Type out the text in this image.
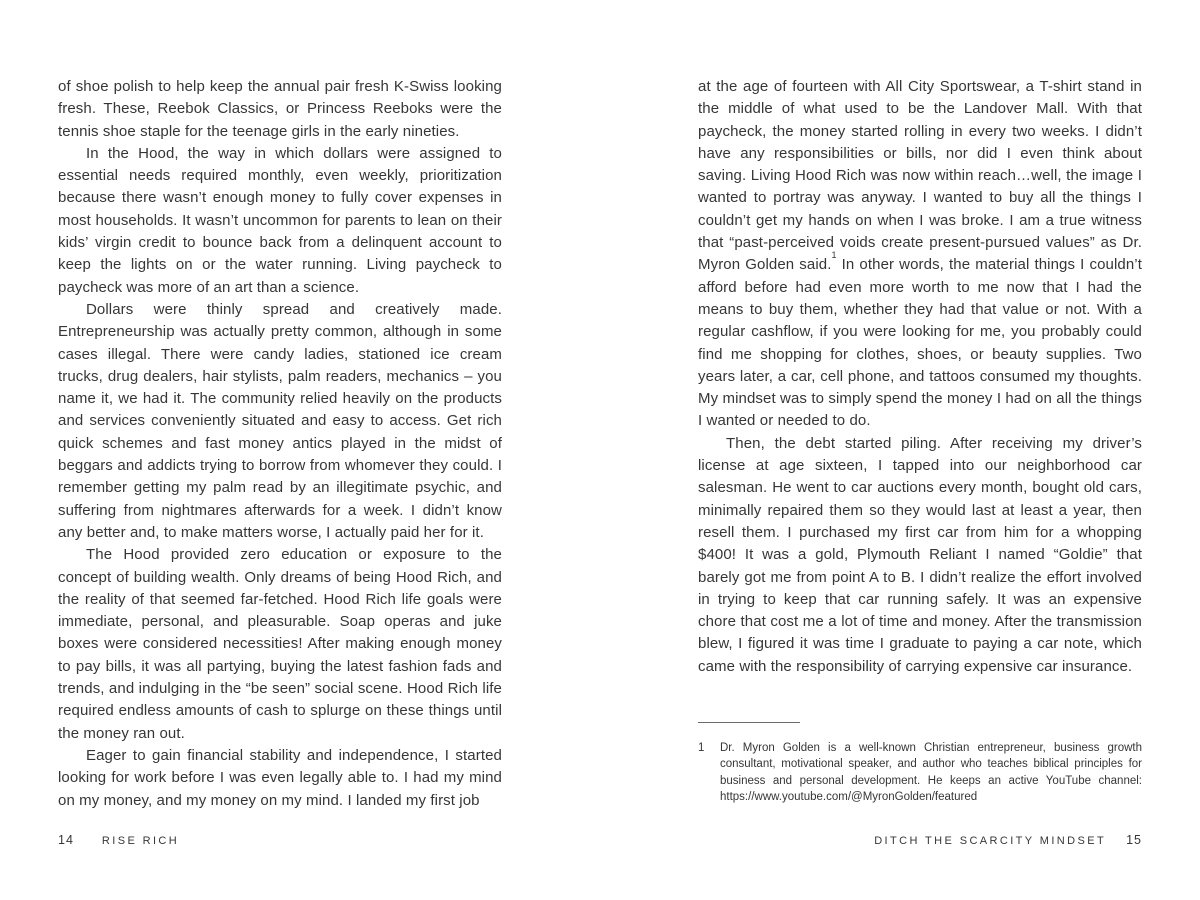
of shoe polish to help keep the annual pair fresh K-Swiss looking fresh. These, Reebok Classics, or Princess Reeboks were the tennis shoe staple for the teenage girls in the early nineties.

In the Hood, the way in which dollars were assigned to essential needs required monthly, even weekly, prioritization because there wasn’t enough money to fully cover expenses in most households. It wasn’t uncommon for parents to lean on their kids’ virgin credit to bounce back from a delinquent account to keep the lights on or the water running. Living paycheck to paycheck was more of an art than a science.

Dollars were thinly spread and creatively made. Entrepreneurship was actually pretty common, although in some cases illegal. There were candy ladies, stationed ice cream trucks, drug dealers, hair stylists, palm readers, mechanics – you name it, we had it. The community relied heavily on the products and services conveniently situated and easy to access. Get rich quick schemes and fast money antics played in the midst of beggars and addicts trying to borrow from whomever they could. I remember getting my palm read by an illegitimate psychic, and suffering from nightmares afterwards for a week. I didn’t know any better and, to make matters worse, I actually paid her for it.

The Hood provided zero education or exposure to the concept of building wealth. Only dreams of being Hood Rich, and the reality of that seemed far-fetched. Hood Rich life goals were immediate, personal, and pleasurable. Soap operas and juke boxes were considered necessities! After making enough money to pay bills, it was all partying, buying the latest fashion fads and trends, and indulging in the “be seen” social scene. Hood Rich life required endless amounts of cash to splurge on these things until the money ran out.

Eager to gain financial stability and independence, I started looking for work before I was even legally able to. I had my mind on my money, and my money on my mind. I landed my first job

at the age of fourteen with All City Sportswear, a T-shirt stand in the middle of what used to be the Landover Mall. With that paycheck, the money started rolling in every two weeks. I didn’t have any responsibilities or bills, nor did I even think about saving. Living Hood Rich was now within reach…well, the image I wanted to portray was anyway. I wanted to buy all the things I couldn’t get my hands on when I was broke. I am a true witness that “past-perceived voids create present-pursued values” as Dr. Myron Golden said.$^1$ In other words, the material things I couldn’t afford before had even more worth to me now that I had the means to buy them, whether they had that value or not. With a regular cashflow, if you were looking for me, you probably could find me shopping for clothes, shoes, or beauty supplies. Two years later, a car, cell phone, and tattoos consumed my thoughts. My mindset was to simply spend the money I had on all the things I wanted or needed to do.

Then, the debt started piling. After receiving my driver’s license at age sixteen, I tapped into our neighborhood car salesman. He went to car auctions every month, bought old cars, minimally repaired them so they would last at least a year, then resell them. I purchased my first car from him for a whopping $400! It was a gold, Plymouth Reliant I named “Goldie” that barely got me from point A to B. I didn’t realize the effort involved in trying to keep that car running safely. It was an expensive chore that cost me a lot of time and money. After the transmission blew, I figured it was time I graduate to paying a car note, which came with the responsibility of carrying expensive car insurance.

1	Dr. Myron Golden is a well-known Christian entrepreneur, business growth consultant, motivational speaker, and author who teaches biblical principles for business and personal development. He keeps an active YouTube channel: https://www.youtube.com/@MyronGolden/featured
14	RISE RICH	DITCH THE SCARCITY MINDSET 15
